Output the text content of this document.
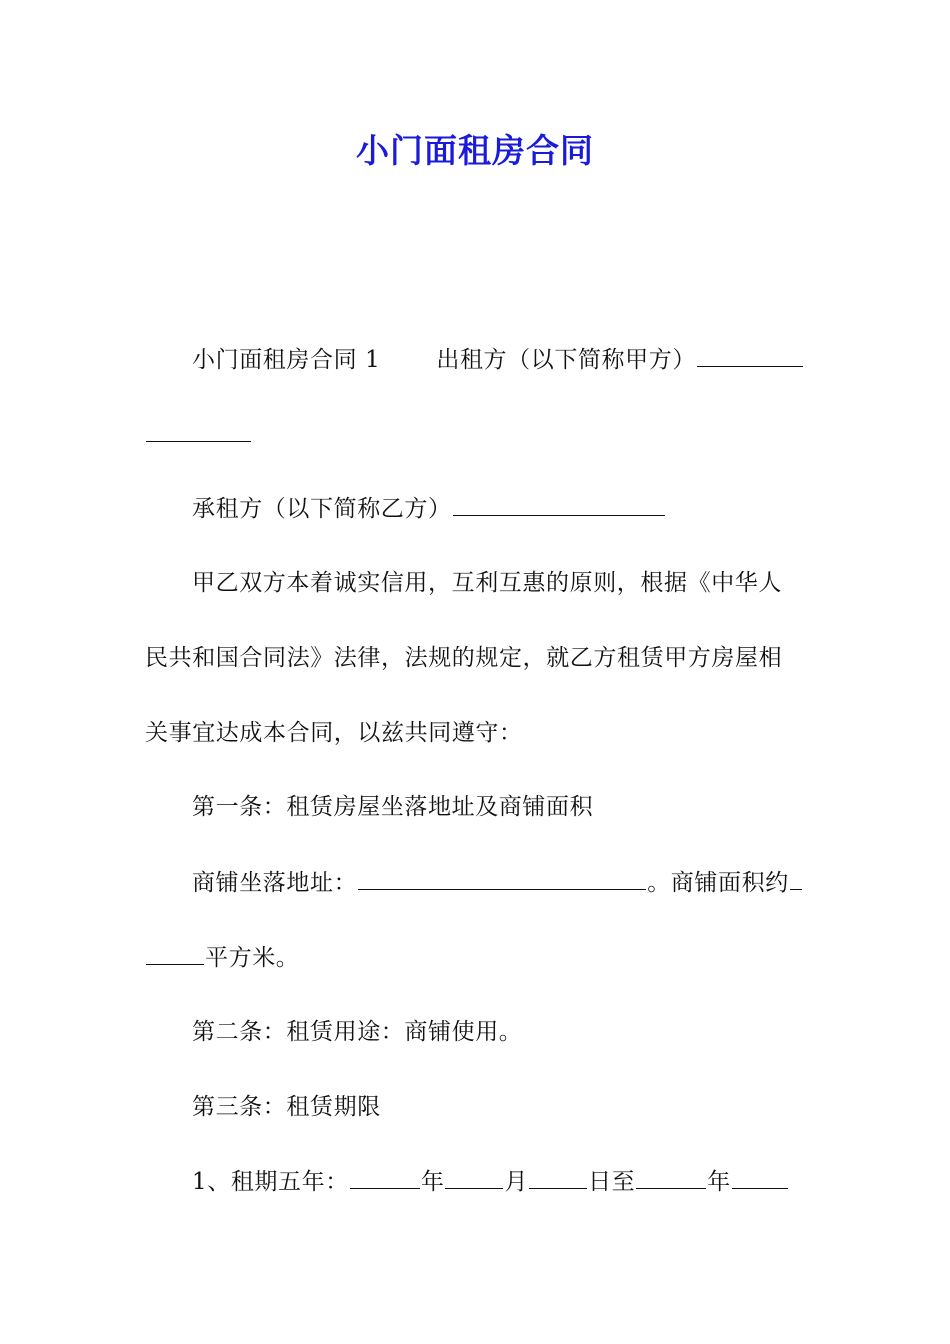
小门面租房合同
小门面租房合同 1 出租方（以下简称甲方）
承租方（以下简称乙方）
甲乙双方本着诚实信用，互利互惠的原则，根据《中华人
民共和国合同法》法律，法规的规定，就乙方租赁甲方房屋相
关事宜达成本合同，以兹共同遵守：
第一条：租赁房屋坐落地址及商铺面积
商铺坐落地址：	。商铺面积约
平方米。
第二条：租赁用途：商铺使用。
第三条：租赁期限
1、租期五年：	年	月	日至	年
